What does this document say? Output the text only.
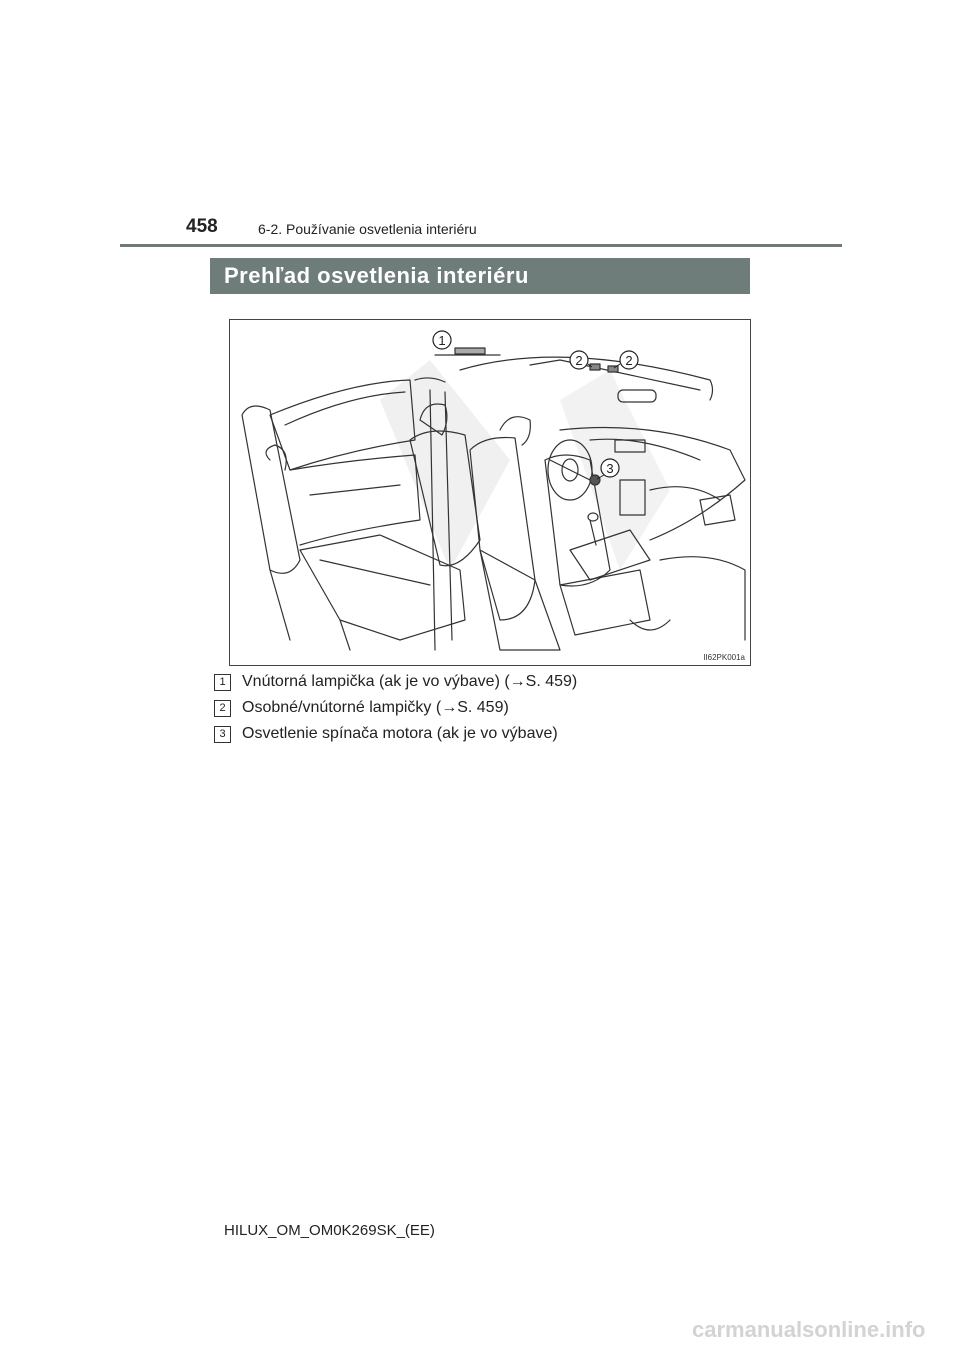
458	6-2. Používanie osvetlenia interiéru
Prehľad osvetlenia interiéru
1
2	2
3
II62PK001a
1	Vnútorná lampička (ak je vo výbave) (→S. 459)
2	Osobné/vnútorné lampičky (→S. 459)
3	Osvetlenie spínača motora (ak je vo výbave)
HILUX_OM_OM0K269SK_(EE)
carmanualsonline.info
